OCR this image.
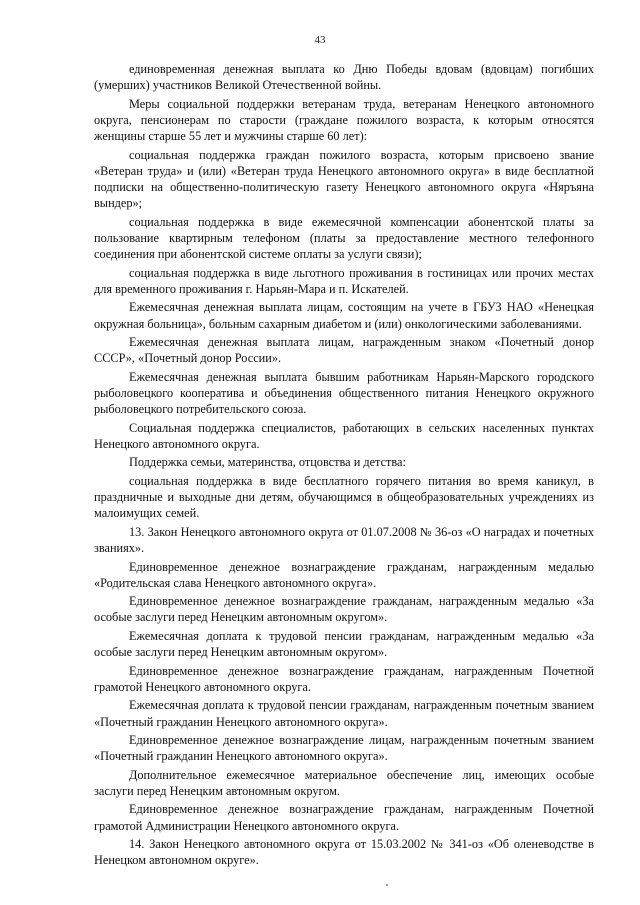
43

единовременная денежная выплата ко Дню Победы вдовам (вдовцам) погибших (умерших) участников Великой Отечественной войны.

Меры социальной поддержки ветеранам труда, ветеранам Ненецкого автономного округа, пенсионерам по старости (граждане пожилого возраста, к которым относятся женщины старше 55 лет и мужчины старше 60 лет):

социальная поддержка граждан пожилого возраста, которым присвоено звание «Ветеран труда» и (или) «Ветеран труда Ненецкого автономного округа» в виде бесплатной подписки на общественно-политическую газету Ненецкого автономного округа «Няръяна вындер»;

социальная поддержка в виде ежемесячной компенсации абонентской платы за пользование квартирным телефоном (платы за предоставление местного телефонного соединения при абонентской системе оплаты за услуги связи);

социальная поддержка в виде льготного проживания в гостиницах или прочих местах для временного проживания г. Нарьян-Мара и п. Искателей.

Ежемесячная денежная выплата лицам, состоящим на учете в ГБУЗ НАО «Ненецкая окружная больница», больным сахарным диабетом и (или) онкологическими заболеваниями.

Ежемесячная денежная выплата лицам, награжденным знаком «Почетный донор СССР», «Почетный донор России».

Ежемесячная денежная выплата бывшим работникам Нарьян-Марского городского рыболовецкого кооператива и объединения общественного питания Ненецкого окружного рыболовецкого потребительского союза.

Социальная поддержка специалистов, работающих в сельских населенных пунктах Ненецкого автономного округа.

Поддержка семьи, материнства, отцовства и детства:

социальная поддержка в виде бесплатного горячего питания во время каникул, в праздничные и выходные дни детям, обучающимся в общеобразовательных учреждениях из малоимущих семей.

13. Закон Ненецкого автономного округа от 01.07.2008 № 36-оз «О наградах и почетных званиях».

Единовременное денежное вознаграждение гражданам, награжденным медалью «Родительская слава Ненецкого автономного округа».

Единовременное денежное вознаграждение гражданам, награжденным медалью «За особые заслуги перед Ненецким автономным округом».

Ежемесячная доплата к трудовой пенсии гражданам, награжденным медалью «За особые заслуги перед Ненецким автономным округом».

Единовременное денежное вознаграждение гражданам, награжденным Почетной грамотой Ненецкого автономного округа.

Ежемесячная доплата к трудовой пенсии гражданам, награжденным почетным званием «Почетный гражданин Ненецкого автономного округа».

Единовременное денежное вознаграждение лицам, награжденным почетным званием «Почетный гражданин Ненецкого автономного округа».

Дополнительное ежемесячное материальное обеспечение лиц, имеющих особые заслуги перед Ненецким автономным округом.

Единовременное денежное вознаграждение гражданам, награжденным Почетной грамотой Администрации Ненецкого автономного округа.

14. Закон Ненецкого автономного округа от 15.03.2002 № 341-оз «Об оленеводстве в Ненецком автономном округе».
